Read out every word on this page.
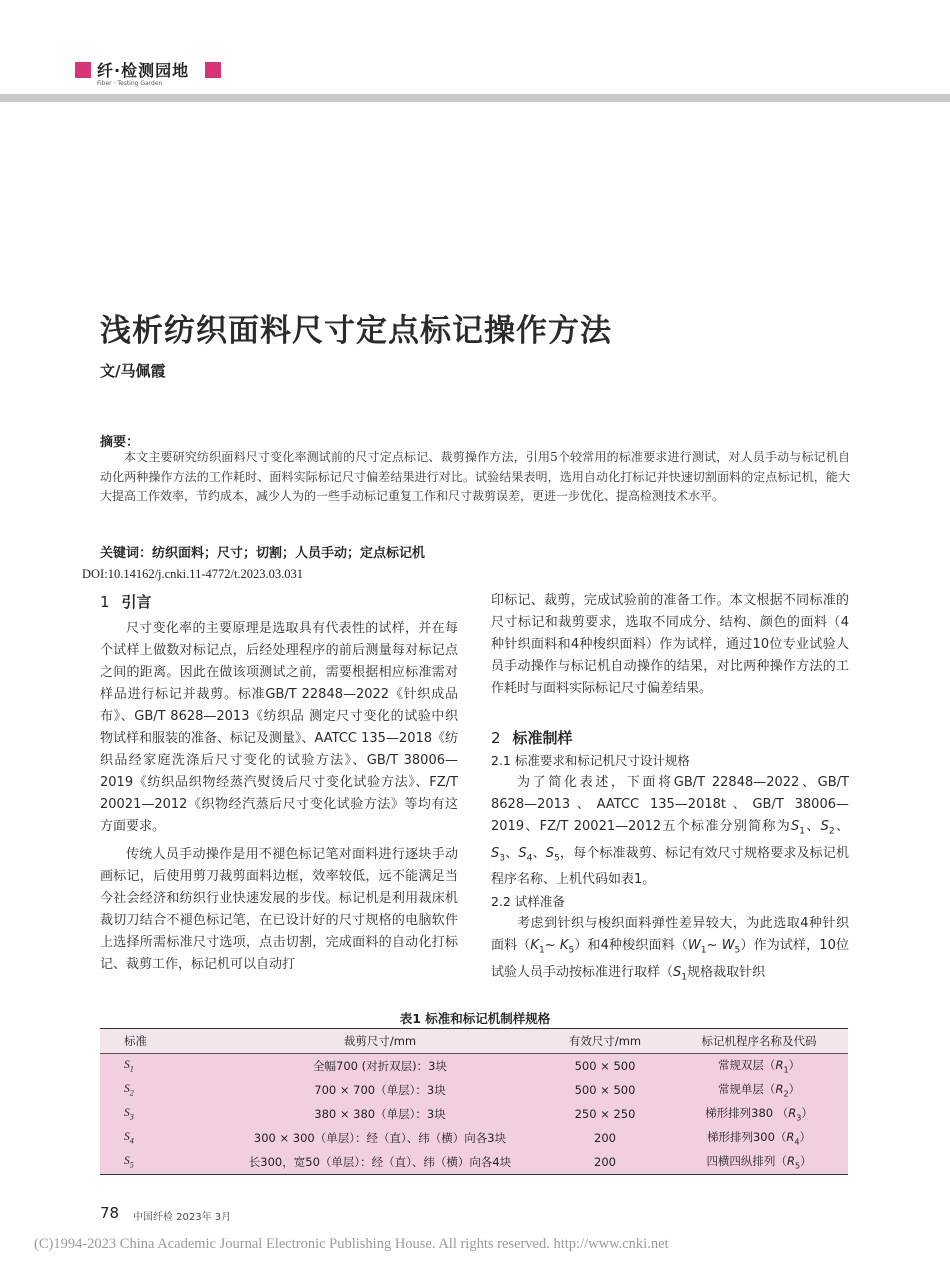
纤·检测园地
Fiber · Testing Garden
浅析纺织面料尺寸定点标记操作方法
文/马佩霞
摘要：
本文主要研究纺织面料尺寸变化率测试前的尺寸定点标记、裁剪操作方法，引用5个较常用的标准要求进行测试，对人员手动与标记机自动化两种操作方法的工作耗时、面料实际标记尺寸偏差结果进行对比。试验结果表明，选用自动化打标记并快速切割面料的定点标记机，能大大提高工作效率，节约成本，减少人为的一些手动标记重复工作和尺寸裁剪误差，更进一步优化、提高检测技术水平。
关键词：纺织面料；尺寸；切割；人员手动；定点标记机
DOI:10.14162/j.cnki.11-4772/t.2023.03.031
1 引言

尺寸变化率的主要原理是选取具有代表性的试样，并在每个试样上做数对标记点，后经处理程序的前后测量每对标记点之间的距离。因此在做该项测试之前，需要根据相应标准需对样品进行标记并裁剪。标准GB/T 22848—2022《针织成品布》、GB/T 8628—2013《纺织品 测定尺寸变化的试验中织物试样和服装的准备、标记及测量》、AATCC 135—2018《纺织品经家庭洗涤后尺寸变化的试验方法》、GB/T 38006—2019《纺织品织物经蒸汽熨烫后尺寸变化试验方法》、FZ/T 20021—2012《织物经汽蒸后尺寸变化试验方法》等均有这方面要求。

传统人员手动操作是用不褪色标记笔对面料进行逐块手动画标记，后使用剪刀裁剪面料边框，效率较低，远不能满足当今社会经济和纺织行业快速发展的步伐。标记机是利用裁床机裁切刀结合不褪色标记笔，在已设计好的尺寸规格的电脑软件上选择所需标准尺寸选项，点击切割，完成面料的自动化打标记、裁剪工作，标记机可以自动打

印标记、裁剪，完成试验前的准备工作。本文根据不同标准的尺寸标记和裁剪要求，选取不同成分、结构、颜色的面料（4种针织面料和4种梭织面料）作为试样，通过10位专业试验人员手动操作与标记机自动操作的结果，对比两种操作方法的工作耗时与面料实际标记尺寸偏差结果。

2 标准制样
2.1 标准要求和标记机尺寸设计规格

为了简化表述，下面将GB/T 22848—2022、GB/T 8628—2013、AATCC 135—2018t、GB/T 38006—2019、FZ/T 20021—2012五个标准分别简称为$S_1$、$S_2$、$S_3$、$S_4$、$S_5$，每个标准裁剪、标记有效尺寸规格要求及标记机程序名称、上机代码如表1。

2.2 试样准备

考虑到针织与梭织面料弹性差异较大，为此选取4种针织面料（$K_1\sim$ $K_5$）和4种梭织面料（$W_1\sim$ $W_5$）作为试样，10位试验人员手动按标准进行取样（$S_1$规格裁取针织

表1 标准和标记机制样规格
标准	裁剪尺寸/mm	有效尺寸/mm	标记机程序名称及代码
$S_1$	全幅700 (对折双层)：3块	500 × 500	常规双层$(R_1)$
$S_2$	700 × 700（单层）：3块	500 × 500	常规单层$(R_2)$
$S_3$	380 × 380（单层）：3块	250 × 250	梯形排列380 $(R_3)$
$S_4$	300 × 300（单层）：经（直）、纬（横）向各3块	200	梯形排列$300(R_4)$
$S_5$	长300，宽50（单层）：经（直）、纬（横）向各4块	200	四横四纵排列$(R_5)$
78 中国纤检 2023年 3月
(C)1994-2023 China Academic Journal Electronic Publishing House. All rights reserved. http://www.cnki.net
